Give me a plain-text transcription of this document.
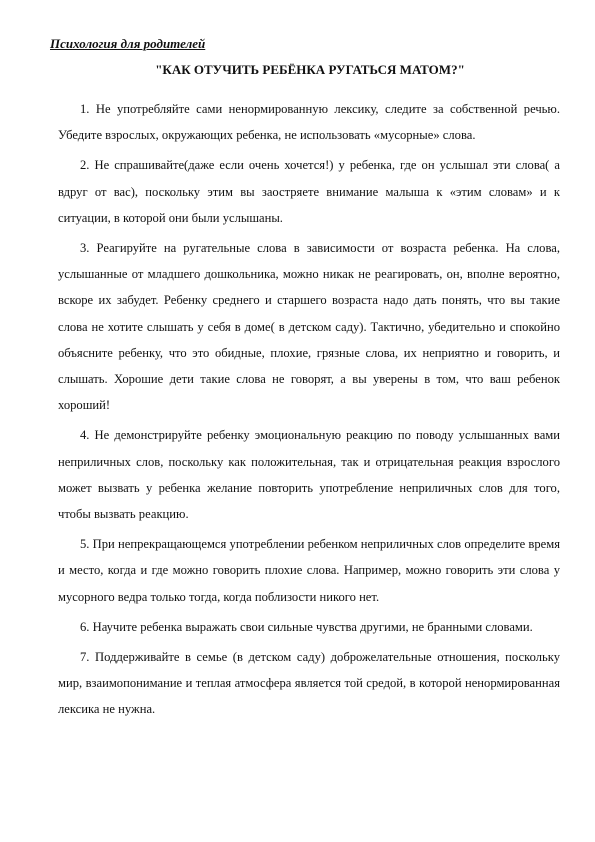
Психология для родителей
"КАК ОТУЧИТЬ РЕБЁНКА РУГАТЬСЯ МАТОМ?"

1. Не употребляйте сами ненормированную лексику, следите за собственной речью. Убедите взрослых, окружающих ребенка, не использовать «мусорные» слова.

2. Не спрашивайте(даже если очень хочется!) у ребенка, где он услышал эти слова( а вдруг от вас), поскольку этим вы заостряете внимание малыша к «этим словам» и к ситуации, в которой они были услышаны.

3. Реагируйте на ругательные слова в зависимости от возраста ребенка. На слова, услышанные от младшего дошкольника, можно никак не реагировать, он, вполне вероятно, вскоре их забудет. Ребенку среднего и старшего возраста надо дать понять, что вы такие слова не хотите слышать у себя в доме( в детском саду). Тактично, убедительно и спокойно объясните ребенку, что это обидные, плохие, грязные слова, их неприятно и говорить, и слышать. Хорошие дети такие слова не говорят, а вы уверены в том, что ваш ребенок хороший!

4. Не демонстрируйте ребенку эмоциональную реакцию по поводу услышанных вами неприличных слов, поскольку как положительная, так и отрицательная реакция взрослого может вызвать у ребенка желание повторить употребление неприличных слов для того, чтобы вызвать реакцию.

5. При непрекращающемся употреблении ребенком неприличных слов определите время и место, когда и где можно говорить плохие слова. Например, можно говорить эти слова у мусорного ведра только тогда, когда поблизости никого нет.

6. Научите ребенка выражать свои сильные чувства другими, не бранными словами.

7. Поддерживайте в семье (в детском саду) доброжелательные отношения, поскольку мир, взаимопонимание и теплая атмосфера является той средой, в которой ненормированная лексика не нужна.
